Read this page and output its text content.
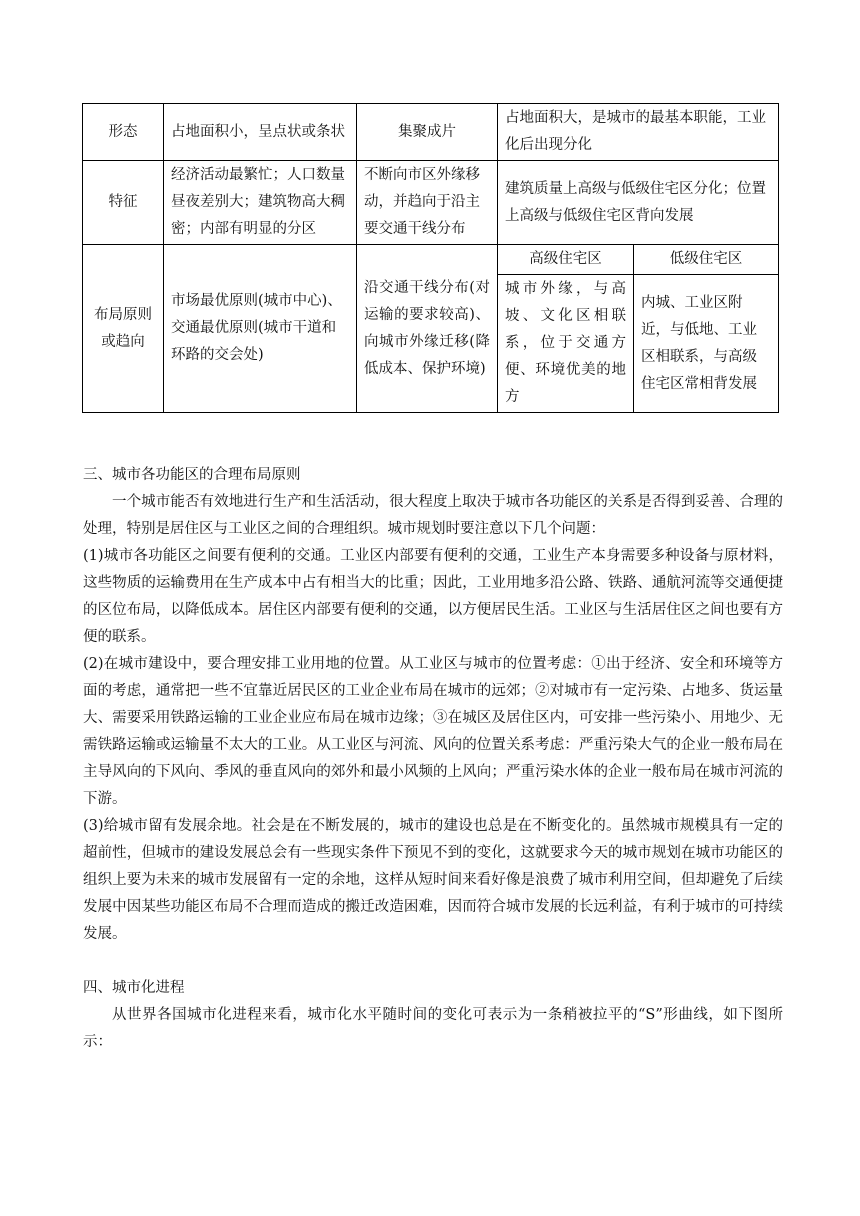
形态	占地面积小，呈点状或条状	集聚成片	占地面积大，是城市的最基本职能，工业化后出现分化	
特征	经济活动最繁忙；人口数量昼夜差别大；建筑物高大稠密；内部有明显的分区	不断向市区外缘移动，并趋向于沿主要交通干线分布	建筑质量上高级与低级住宅区分化；位置上高级与低级住宅区背向发展	
布局原则或趋向	市场最优原则(城市中心)、交通最优原则(城市干道和环路的交会处)	沿交通干线分布(对运输的要求较高)、向城市外缘迁移(降低成本、保护环境)	高级住宅区	低级住宅区
			城市外缘，与高坡、文化区相联系，位于交通方便、环境优美的地方	内城、工业区附近，与低地、工业区相联系，与高级住宅区常相背发展
三、城市各功能区的合理布局原则

一个城市能否有效地进行生产和生活活动，很大程度上取决于城市各功能区的关系是否得到妥善、合理的处理，特别是居住区与工业区之间的合理组织。城市规划时要注意以下几个问题：

(1)城市各功能区之间要有便利的交通。工业区内部要有便利的交通，工业生产本身需要多种设备与原材料，这些物质的运输费用在生产成本中占有相当大的比重；因此，工业用地多沿公路、铁路、通航河流等交通便捷的区位布局，以降低成本。居住区内部要有便利的交通，以方便居民生活。工业区与生活居住区之间也要有方便的联系。

(2)在城市建设中，要合理安排工业用地的位置。从工业区与城市的位置考虑：①出于经济、安全和环境等方面的考虑，通常把一些不宜靠近居民区的工业企业布局在城市的远郊；②对城市有一定污染、占地多、货运量大、需要采用铁路运输的工业企业应布局在城市边缘；③在城区及居住区内，可安排一些污染小、用地少、无需铁路运输或运输量不太大的工业。从工业区与河流、风向的位置关系考虑：严重污染大气的企业一般布局在主导风向的下风向、季风的垂直风向的郊外和最小风频的上风向；严重污染水体的企业一般布局在城市河流的下游。

(3)给城市留有发展余地。社会是在不断发展的，城市的建设也总是在不断变化的。虽然城市规模具有一定的超前性，但城市的建设发展总会有一些现实条件下预见不到的变化，这就要求今天的城市规划在城市功能区的组织上要为未来的城市发展留有一定的余地，这样从短时间来看好像是浪费了城市利用空间，但却避免了后续发展中因某些功能区布局不合理而造成的搬迁改造困难，因而符合城市发展的长远利益，有利于城市的可持续发展。

四、城市化进程

从世界各国城市化进程来看，城市化水平随时间的变化可表示为一条稍被拉平的“S”形曲线，如下图所示：
